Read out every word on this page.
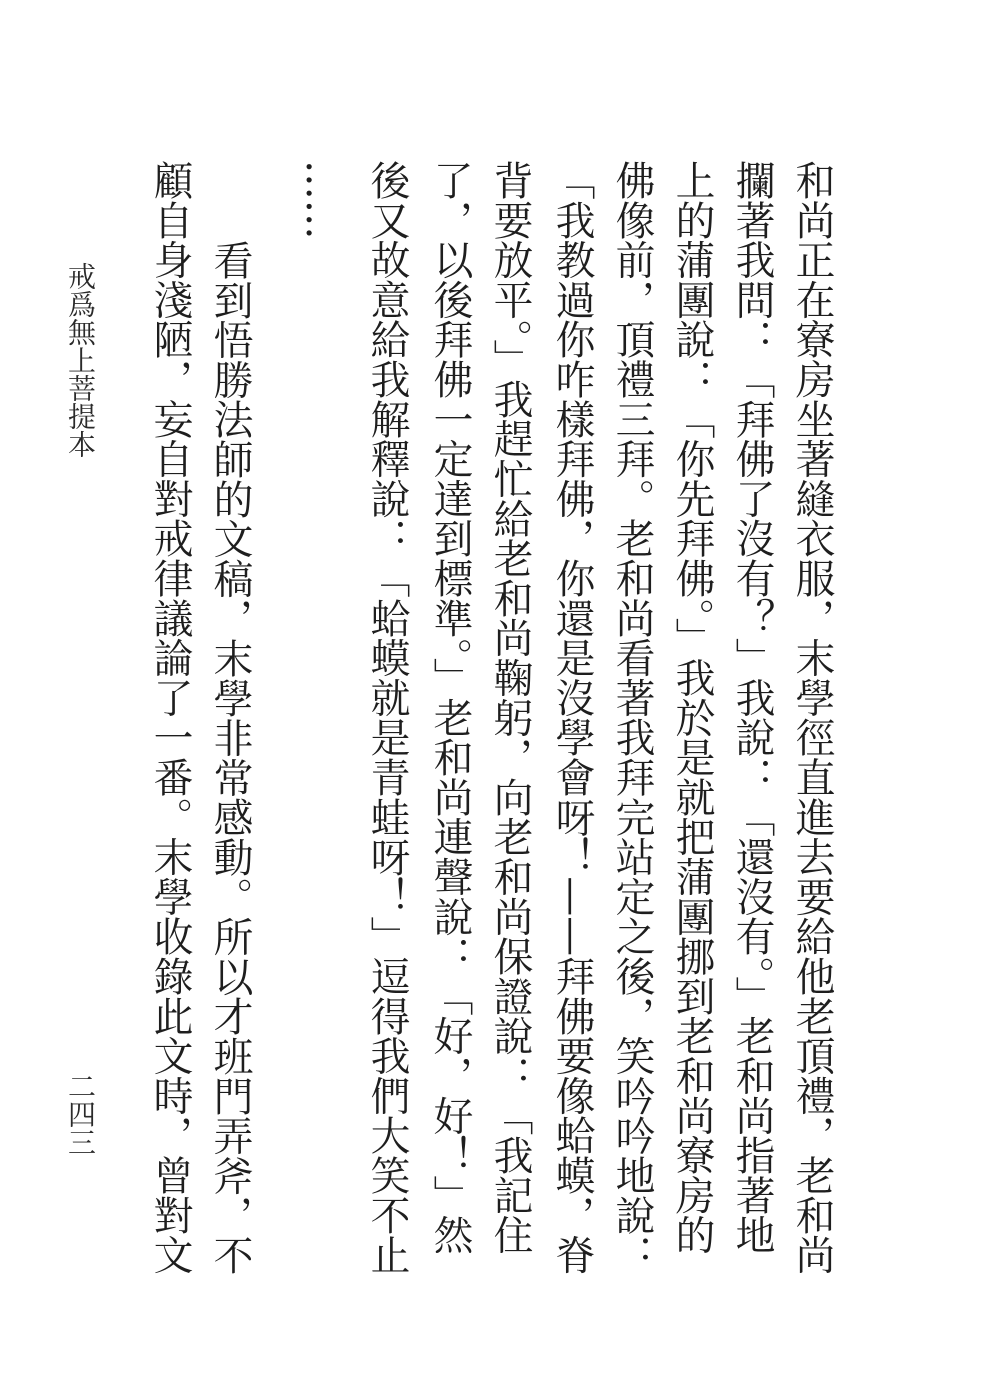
和尚正在寮房坐著縫衣服，末學徑直進去要給他老頂禮，老和尚
攔著我問：「拜佛了沒有？」我說：「還沒有。」老和尚指著地
上的蒲團說：「你先拜佛。」我於是就把蒲團挪到老和尚寮房的
佛像前，頂禮三拜。老和尚看著我拜完站定之後，笑吟吟地說：
「我教過你咋樣拜佛，你還是沒學會呀！——拜佛要像蛤蟆，脊
背要放平。」我趕忙給老和尚鞠躬，向老和尚保證說：「我記住
了，以後拜佛一定達到標準。」老和尚連聲說：「好，好！」然
後又故意給我解釋說：「蛤蟆就是青蛙呀！」逗得我們大笑不止
……
看到悟勝法師的文稿，末學非常感動。所以才班門弄斧，不
顧自身淺陋，妄自對戒律議論了一番。末學收錄此文時，曾對文
戒爲無上菩提本
二四三
